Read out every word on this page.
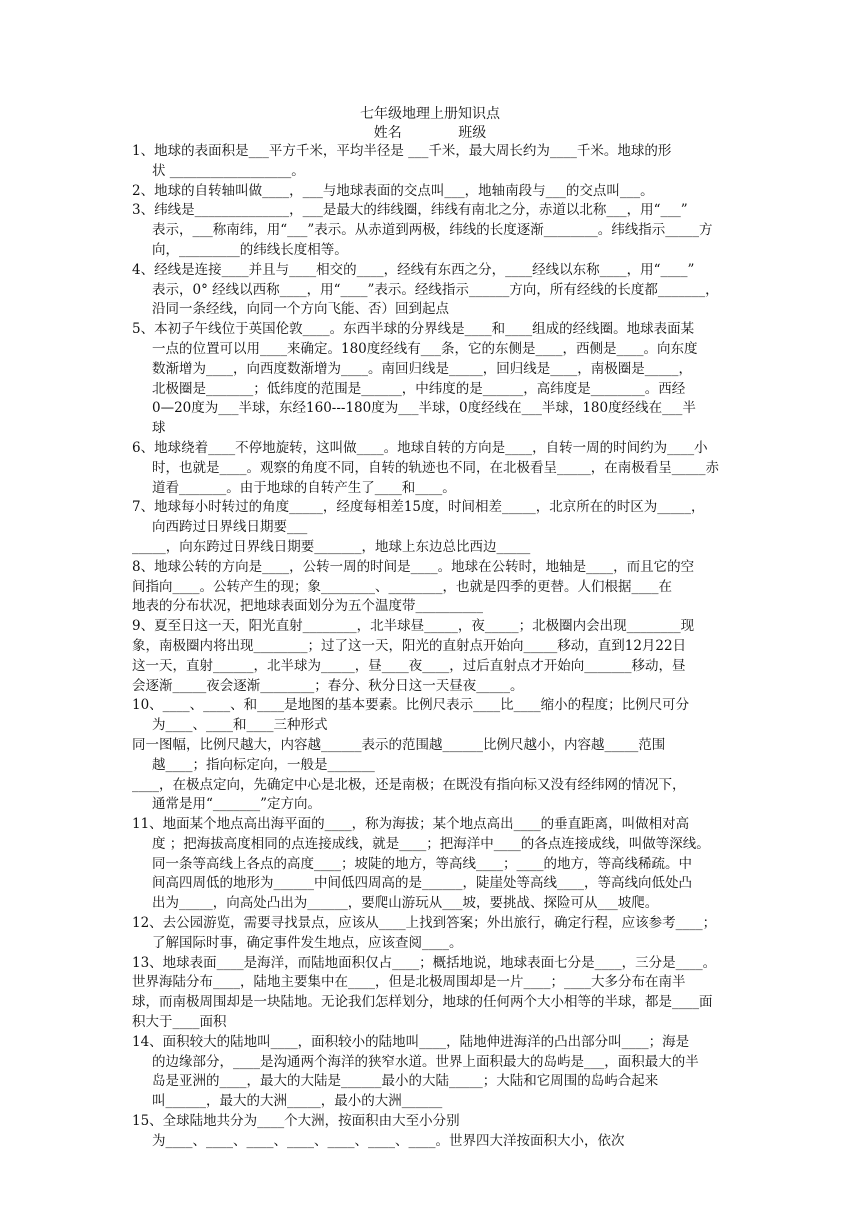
七年级地理上册知识点
姓名	班级
1、地球的表面积是___平方千米，平均半径是 ___千米，最大周长约为____千米。地球的形
状 __________________。
2、地球的自转轴叫做____，___与地球表面的交点叫___，地轴南段与___的交点叫___。
3、纬线是______________，___是最大的纬线圈，纬线有南北之分，赤道以北称___，用“___”
表示，___称南纬，用“___”表示。从赤道到两极，纬线的长度逐渐________。纬线指示_____方
向，_________的纬线长度相等。
4、经线是连接____并且与____相交的____，经线有东西之分，____经线以东称____，用“____”
表示，0° 经线以西称____，用“____”表示。经线指示______方向，所有经线的长度都_______，
沿同一条经线，向同一个方向飞能、否）回到起点
5、本初子午线位于英国伦敦____。东西半球的分界线是____和____组成的经线圈。地球表面某
一点的位置可以用____来确定。180度经线有___条，它的东侧是____，西侧是____。向东度
数渐增为____，向西度数渐增为____。南回归线是_____，回归线是____，南极圈是_____，
北极圈是_______；低纬度的范围是______，中纬度的是______，高纬度是________。西经
0—20度为___半球，东经160---180度为___半球，0度经线在___半球，180度经线在___半
球
6、地球绕着____不停地旋转，这叫做____。地球自转的方向是____，自转一周的时间约为____小
时，也就是____。观察的角度不同，自转的轨迹也不同，在北极看呈_____，在南极看呈_____赤
道看_______。由于地球的自转产生了____和____。
7、地球每小时转过的角度_____，经度每相差15度，时间相差_____，北京所在的时区为_____，
向西跨过日界线日期要___
_____，向东跨过日界线日期要_______，地球上东边总比西边_____
8、地球公转的方向是____，公转一周的时间是____。地球在公转时，地轴是____，而且它的空
间指向____。公转产生的现；象________、________，也就是四季的更替。人们根据____在
地表的分布状况，把地球表面划分为五个温度带__________
9、夏至日这一天，阳光直射________，北半球昼_____，夜_____；北极圈内会出现________现
象，南极圈内将出现________；过了这一天，阳光的直射点开始向_____移动，直到12月22日
这一天，直射______，北半球为_____，昼____夜____，过后直射点才开始向_______移动，昼
会逐渐_____夜会逐渐________；春分、秋分日这一天昼夜_____。
10、____、____、和____是地图的基本要素。比例尺表示____比____缩小的程度；比例尺可分
为____、____和____三种形式
同一图幅，比例尺越大，内容越______表示的范围越______比例尺越小，内容越_____范围
越____；指向标定向，一般是_______
____，在极点定向，先确定中心是北极，还是南极；在既没有指向标又没有经纬网的情况下，
通常是用“_______”定方向。
11、地面某个地点高出海平面的____，称为海拔；某个地点高出____的垂直距离，叫做相对高
度 ；把海拔高度相同的点连接成线，就是____；把海洋中____的各点连接成线，叫做等深线。
同一条等高线上各点的高度____；坡陡的地方，等高线____；____的地方，等高线稀疏。中
间高四周低的地形为______中间低四周高的是______，陡崖处等高线____，等高线向低处凸
出为_____，向高处凸出为______，要爬山游玩从___坡，要挑战、探险可从___坡爬。
12、去公园游览，需要寻找景点，应该从____上找到答案；外出旅行，确定行程，应该参考____；
了解国际时事，确定事件发生地点，应该查阅____。
13、地球表面____是海洋，而陆地面积仅占____；概括地说，地球表面七分是____，三分是____。
世界海陆分布____，陆地主要集中在____，但是北极周围却是一片____；____大多分布在南半
球，而南极周围却是一块陆地。无论我们怎样划分，地球的任何两个大小相等的半球，都是____面
积大于____面积
14、面积较大的陆地叫____，面积较小的陆地叫____，陆地伸进海洋的凸出部分叫____；海是
的边缘部分，____是沟通两个海洋的狭窄水道。世界上面积最大的岛屿是___，面积最大的半
岛是亚洲的____，最大的大陆是______最小的大陆_____；大陆和它周围的岛屿合起来
叫______，最大的大洲_____，最小的大洲______
15、全球陆地共分为____个大洲，按面积由大至小分别
为____、____、____、____、____、____、____。世界四大洋按面积大小，依次
